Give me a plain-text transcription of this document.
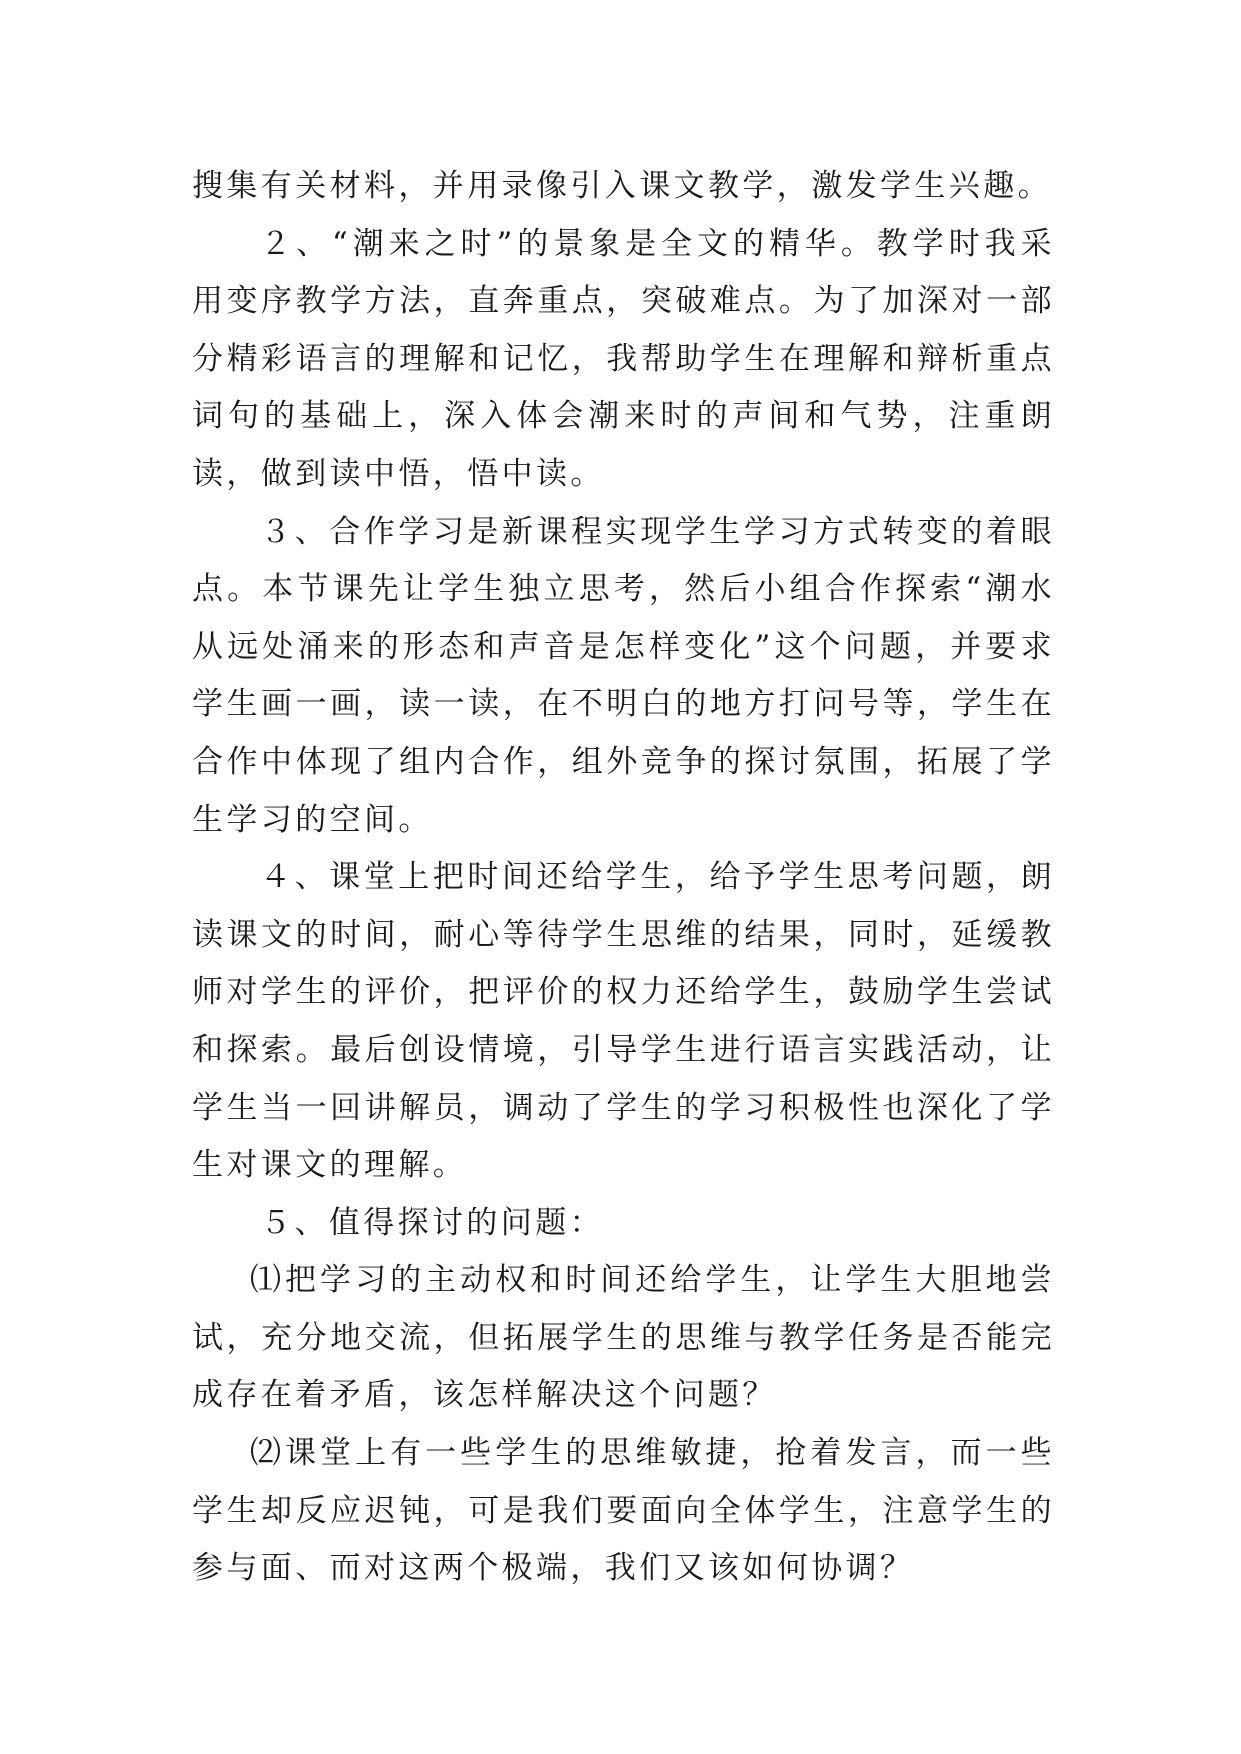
搜集有关材料，并用录像引入课文教学，激发学生兴趣。

２、“潮来之时”的景象是全文的精华。教学时我采用变序教学方法，直奔重点，突破难点。为了加深对一部分精彩语言的理解和记忆，我帮助学生在理解和辩析重点词句的基础上，深入体会潮来时的声间和气势，注重朗读，做到读中悟，悟中读。

３、合作学习是新课程实现学生学习方式转变的着眼点。本节课先让学生独立思考，然后小组合作探索“潮水从远处涌来的形态和声音是怎样变化”这个问题，并要求学生画一画，读一读，在不明白的地方打问号等，学生在合作中体现了组内合作，组外竞争的探讨氛围，拓展了学生学习的空间。

４、课堂上把时间还给学生，给予学生思考问题，朗读课文的时间，耐心等待学生思维的结果，同时，延缓教师对学生的评价，把评价的权力还给学生，鼓励学生尝试和探索。最后创设情境，引导学生进行语言实践活动，让学生当一回讲解员，调动了学生的学习积极性也深化了学生对课文的理解。

５、值得探讨的问题：

⑴把学习的主动权和时间还给学生，让学生大胆地尝试，充分地交流，但拓展学生的思维与教学任务是否能完成存在着矛盾，该怎样解决这个问题？

⑵课堂上有一些学生的思维敏捷，抢着发言，而一些学生却反应迟钝，可是我们要面向全体学生，注意学生的参与面、而对这两个极端，我们又该如何协调？
